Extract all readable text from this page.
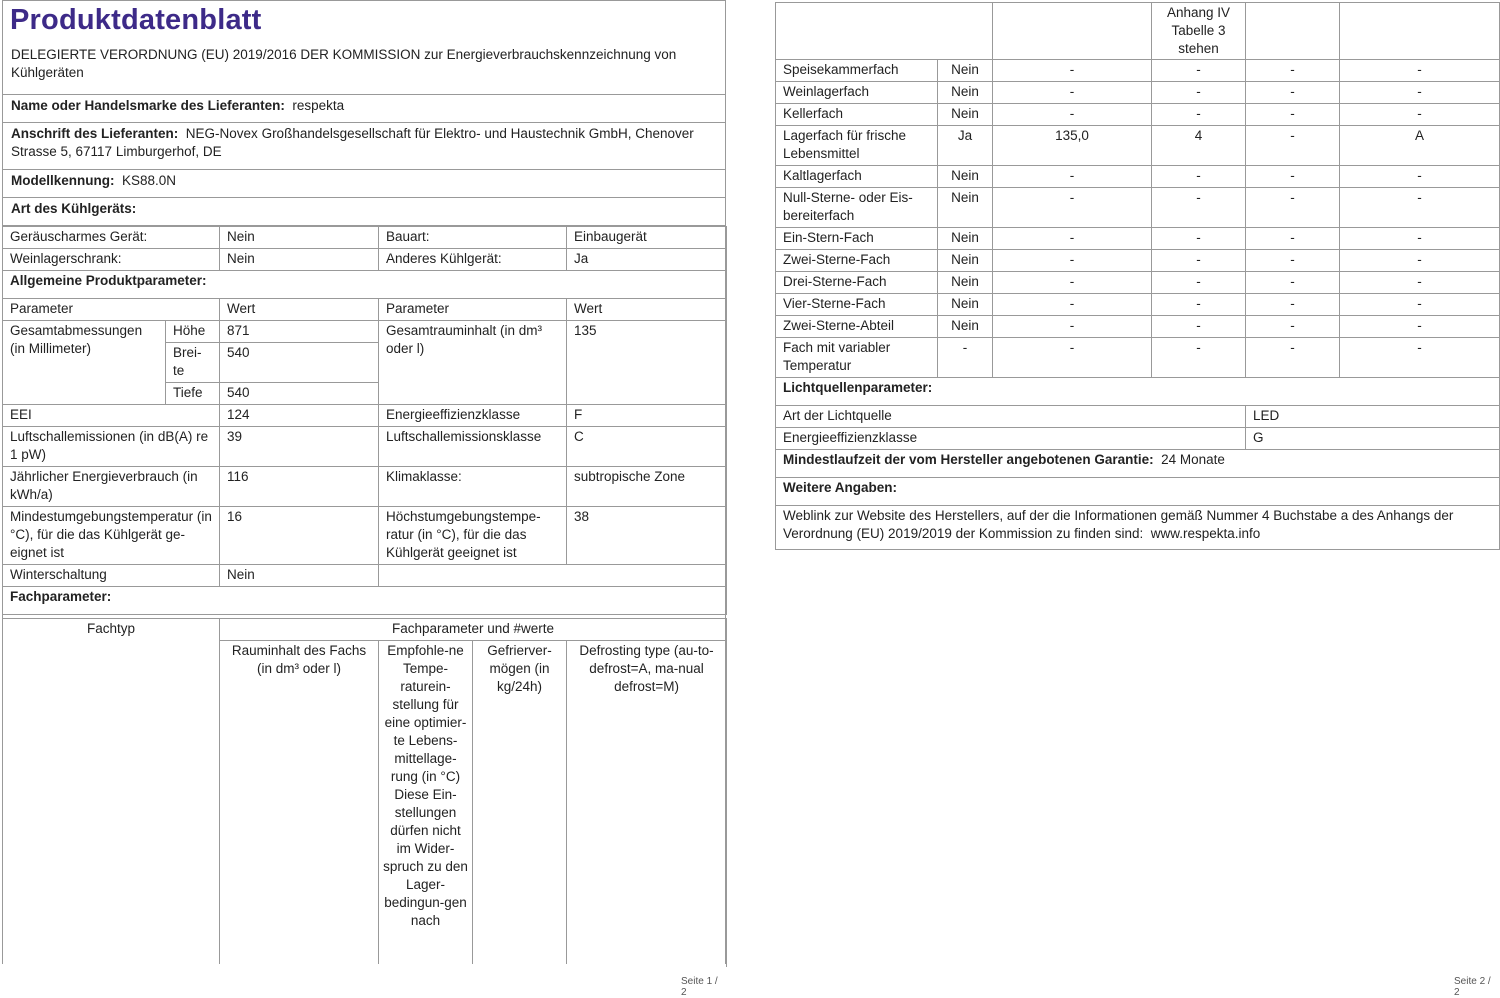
Produktdatenblatt
DELEGIERTE VERORDNUNG (EU) 2019/2016 DER KOMMISSION zur Energieverbrauchskennzeichnung von Kühlgeräten
Name oder Handelsmarke des Lieferanten: respekta
Anschrift des Lieferanten: NEG-Novex Großhandelsgesellschaft für Elektro- und Haustechnik GmbH, Chenover Strasse 5, 67117 Limburgerhof, DE
Modellkennung: KS88.0N
Art des Kühlgeräts:
Geräuscharmes Gerät:		Nein	Bauart:	Einbaugerät
Weinlagerschrank:		Nein	Anderes Kühlgerät:	Ja
Allgemeine Produktparameter:				
Parameter		Wert	Parameter	Wert
Gesamtabmessungen (in Millimeter)	Höhe	871	Gesamtrauminhalt (in dm³ oder l)	135
	Brei-te	540		
	Tiefe	540		
EEI		124	Energieeffizienzklasse	F
Luftschallemissionen (in dB(A) re 1 pW)		39	Luftschallemissionsklasse	C
Jährlicher Energieverbrauch (in kWh/a)		116	Klimaklasse:	subtropische Zone
Mindestumgebungstemperatur (in °C), für die das Kühlgerät ge-eignet ist		16	Höchstumgebungstempe-ratur (in °C), für die das Kühlgerät geeignet ist	38
Winterschaltung		Nein		
Fachparameter:				
Fachtyp	Fachparameter und #werte			
	Rauminhalt des Fachs (in dm³ oder l)	Empfohle-ne Tempe-raturein-stellung für eine optimier-te Lebens-mittellage-rung (in °C) Diese Ein-stellungen dürfen nicht im Wider-spruch zu den Lager-bedingun-gen nach	Gefrierver-mögen (in kg/24h)	Defrosting type (au-to-defrost=A, ma-nual defrost=M)
Seite 1 / 2
			Anhang IV Tabelle 3 stehen		
Speisekammerfach	Nein	-	-	-	-
Weinlagerfach	Nein	-	-	-	-
Kellerfach	Nein	-	-	-	-
Lagerfach für frische Lebensmittel	Ja	135,0	4	-	A
Kaltlagerfach	Nein	-	-	-	-
Null-Sterne- oder Eis-bereiterfach	Nein	-	-	-	-
Ein-Stern-Fach	Nein	-	-	-	-
Zwei-Sterne-Fach	Nein	-	-	-	-
Drei-Sterne-Fach	Nein	-	-	-	-
Vier-Sterne-Fach	Nein	-	-	-	-
Zwei-Sterne-Abteil	Nein	-	-	-	-
Fach mit variabler Temperatur	-	-	-	-	-
Lichtquellenparameter:					
Art der Lichtquelle				LED	
Energieeffizienzklasse				G	
Mindestlaufzeit der vom Hersteller angebotenen Garantie: 24 Monate					
Weitere Angaben:					
Weblink zur Website des Herstellers, auf der die Informationen gemäß Nummer 4 Buchstabe a des Anhangs der Verordnung (EU) 2019/2019 der Kommission zu finden sind: www.respekta.info					
Seite 2 / 2
